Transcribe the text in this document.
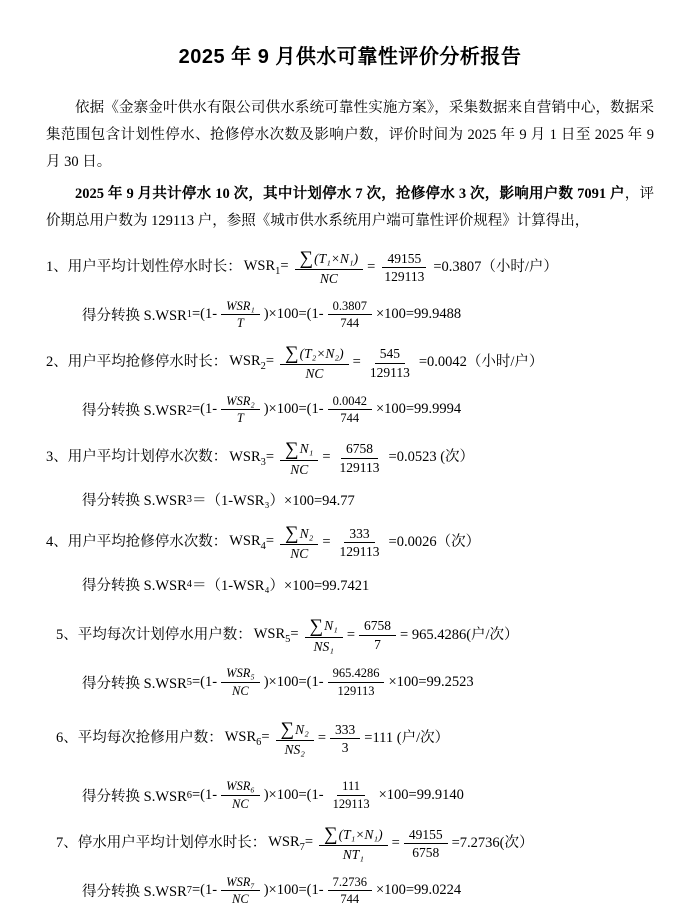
2025 年 9 月供水可靠性评价分析报告

依据《金寨金叶供水有限公司供水系统可靠性实施方案》，采集数据来自营销中心，数据采集范围包含计划性停水、抢修停水次数及影响户数，评价时间为 2025 年 9 月 1 日至 2025 年 9 月 30 日。

2025 年 9 月共计停水 10 次，其中计划停水 7 次，抢修停水 3 次，影响用户数 7091 户，评价期总用户数为 129113 户，参照《城市供水系统用户端可靠性评价规程》计算得出，

1、用户平均计划性停水时长： $WSR_1= \frac{\text{∑ (T₁×N₁)}}{NC} = \frac{49155}{129113} =0.3807$（小时/户）
得分转换 S.WSR $1 =(1- \frac{\text{WSR₁}}{T} )\times 100=(1- \frac{0.3807}{744} \times 100=99.9488$
2、用户平均抢修停水时长： $WSR_2= \frac{\text{∑ (T₂×N₂)}}{NC} = \frac{545}{129113} =0.0042$（小时/户）
得分转换 S.WSR $2 =(1- \frac{\text{WSR₂}}{T} )\times 100=(1- \frac{0.0042}{744} \times 100=99.9994$
3、用户平均计划停水次数： $WSR_3= \frac{\text{∑ N₁}}{NC} = \frac{6758}{129113} =0.0523$ (次）
得分转换 S.WSR 3 ＝（1-WSR₃）×100=94.77
4、用户平均抢修停水次数： $WSR_4= \frac{\text{∑ N₂}}{NC} = \frac{333}{129113} =0.0026$（次）
得分转换 S.WSR 4 ＝（1-WSR₄）×100=99.7421
5、平均每次计划停水用户数： $WSR_5= \frac{\text{∑ N₁}}{\text{NS₁}} = \frac{6758}{7} = 965.4286$(户/次）
得分转换 S.WSR $5 =(1- \frac{\text{WSR₅}}{NC} )\times 100=(1- \frac{965.4286}{129113} \times 100=99.2523$
6、平均每次抢修用户数： $WSR_6= \frac{\text{∑ N₂}}{\text{NS₂}} = \frac{333}{3} =111$ (户/次）
得分转换 S.WSR $6 =(1- \frac{\text{WSR₆}}{NC} )\times 100=(1- \frac{111}{129113} \times 100=99.9140$
7、停水用户平均计划停水时长： $WSR_7= \frac{\text{∑ (T₁×N₁)}}{\text{NT₁}} = \frac{49155}{6758} =7.2736$(次）
得分转换 S.WSR $7 =(1- \frac{\text{WSR₇}}{NC} )\times 100=(1- \frac{7.2736}{744} \times 100=99.0224$
